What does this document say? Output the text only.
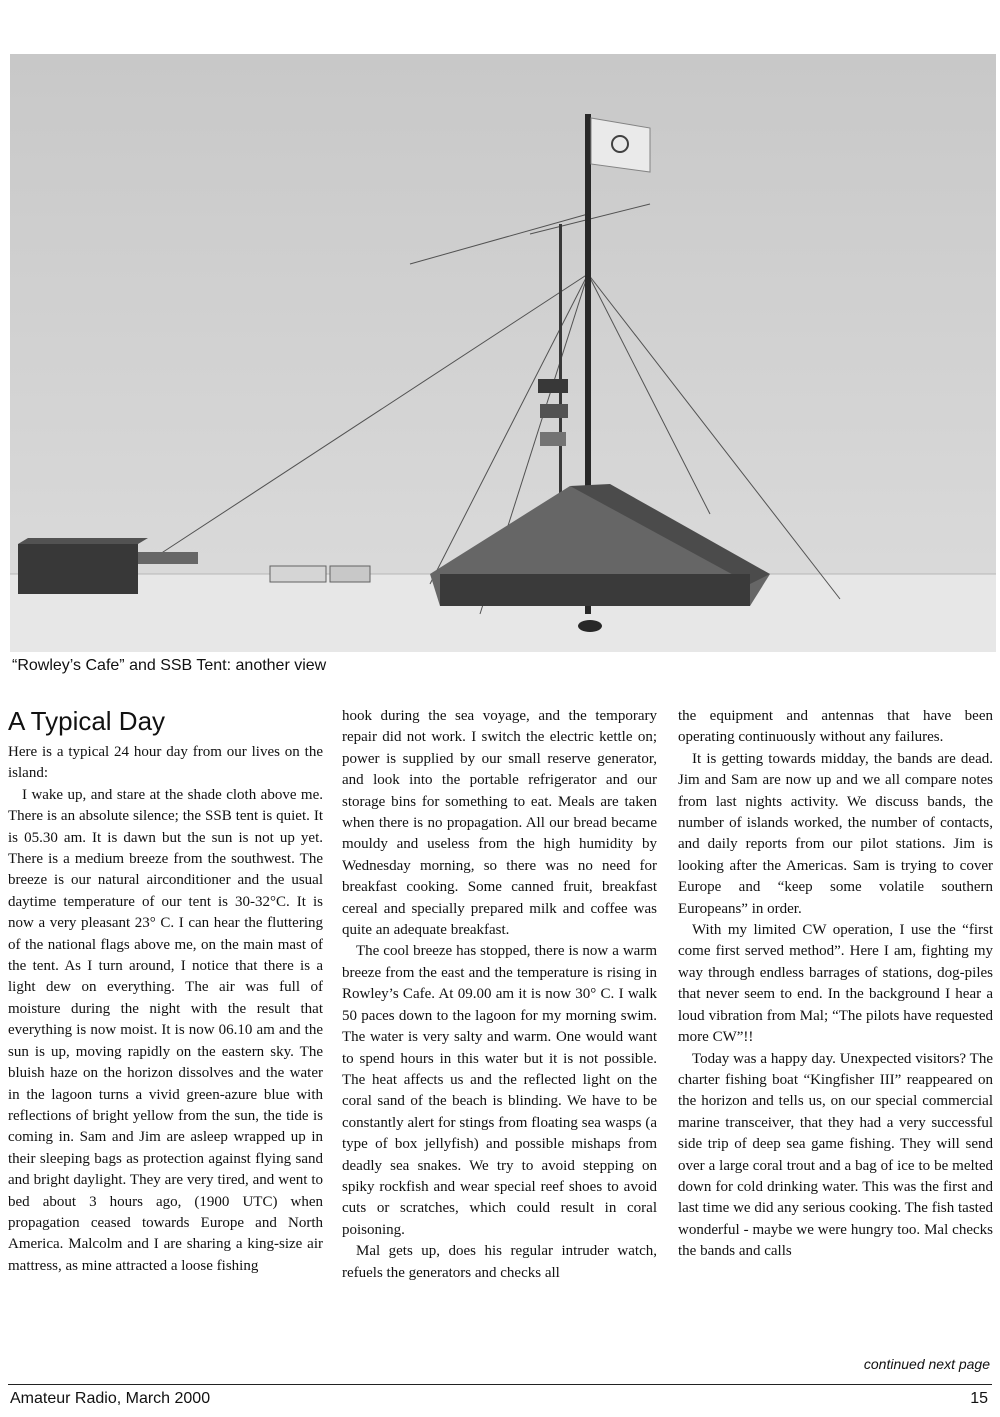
“Rowley’s Cafe” and SSB Tent: another view
A Typical Day

Here is a typical 24 hour day from our lives on the island:

I wake up, and stare at the shade cloth above me. There is an absolute silence; the SSB tent is quiet. It is 05.30 am. It is dawn but the sun is not up yet. There is a medium breeze from the southwest. The breeze is our natural airconditioner and the usual daytime temperature of our tent is 30-32°C. It is now a very pleasant 23° C. I can hear the fluttering of the national flags above me, on the main mast of the tent. As I turn around, I notice that there is a light dew on everything. The air was full of moisture during the night with the result that everything is now moist. It is now 06.10 am and the sun is up, moving rapidly on the eastern sky. The bluish haze on the horizon dissolves and the water in the lagoon turns a vivid green-azure blue with reflections of bright yellow from the sun, the tide is coming in. Sam and Jim are asleep wrapped up in their sleeping bags as protection against flying sand and bright daylight. They are very tired, and went to bed about 3 hours ago, (1900 UTC) when propagation ceased towards Europe and North America. Malcolm and I are sharing a king-size air mattress, as mine attracted a loose fishing

hook during the sea voyage, and the temporary repair did not work. I switch the electric kettle on; power is supplied by our small reserve generator, and look into the portable refrigerator and our storage bins for something to eat. Meals are taken when there is no propagation. All our bread became mouldy and useless from the high humidity by Wednesday morning, so there was no need for breakfast cooking. Some canned fruit, breakfast cereal and specially prepared milk and coffee was quite an adequate breakfast.

The cool breeze has stopped, there is now a warm breeze from the east and the temperature is rising in Rowley’s Cafe. At 09.00 am it is now 30° C. I walk 50 paces down to the lagoon for my morning swim. The water is very salty and warm. One would want to spend hours in this water but it is not possible. The heat affects us and the reflected light on the coral sand of the beach is blinding. We have to be constantly alert for stings from floating sea wasps (a type of box jellyfish) and possible mishaps from deadly sea snakes. We try to avoid stepping on spiky rockfish and wear special reef shoes to avoid cuts or scratches, which could result in coral poisoning.

Mal gets up, does his regular intruder watch, refuels the generators and checks all

the equipment and antennas that have been operating continuously without any failures.

It is getting towards midday, the bands are dead. Jim and Sam are now up and we all compare notes from last nights activity. We discuss bands, the number of islands worked, the number of contacts, and daily reports from our pilot stations. Jim is looking after the Americas. Sam is trying to cover Europe and “keep some volatile southern Europeans” in order.

With my limited CW operation, I use the “first come first served method”. Here I am, fighting my way through endless barrages of stations, dog-piles that never seem to end. In the background I hear a loud vibration from Mal; “The pilots have requested more CW”!!

Today was a happy day. Unexpected visitors? The charter fishing boat “Kingfisher III” reappeared on the horizon and tells us, on our special commercial marine transceiver, that they had a very successful side trip of deep sea game fishing. They will send over a large coral trout and a bag of ice to be melted down for cold drinking water. This was the first and last time we did any serious cooking. The fish tasted wonderful - maybe we were hungry too. Mal checks the bands and calls

continued next page
Amateur Radio, March 2000	15
